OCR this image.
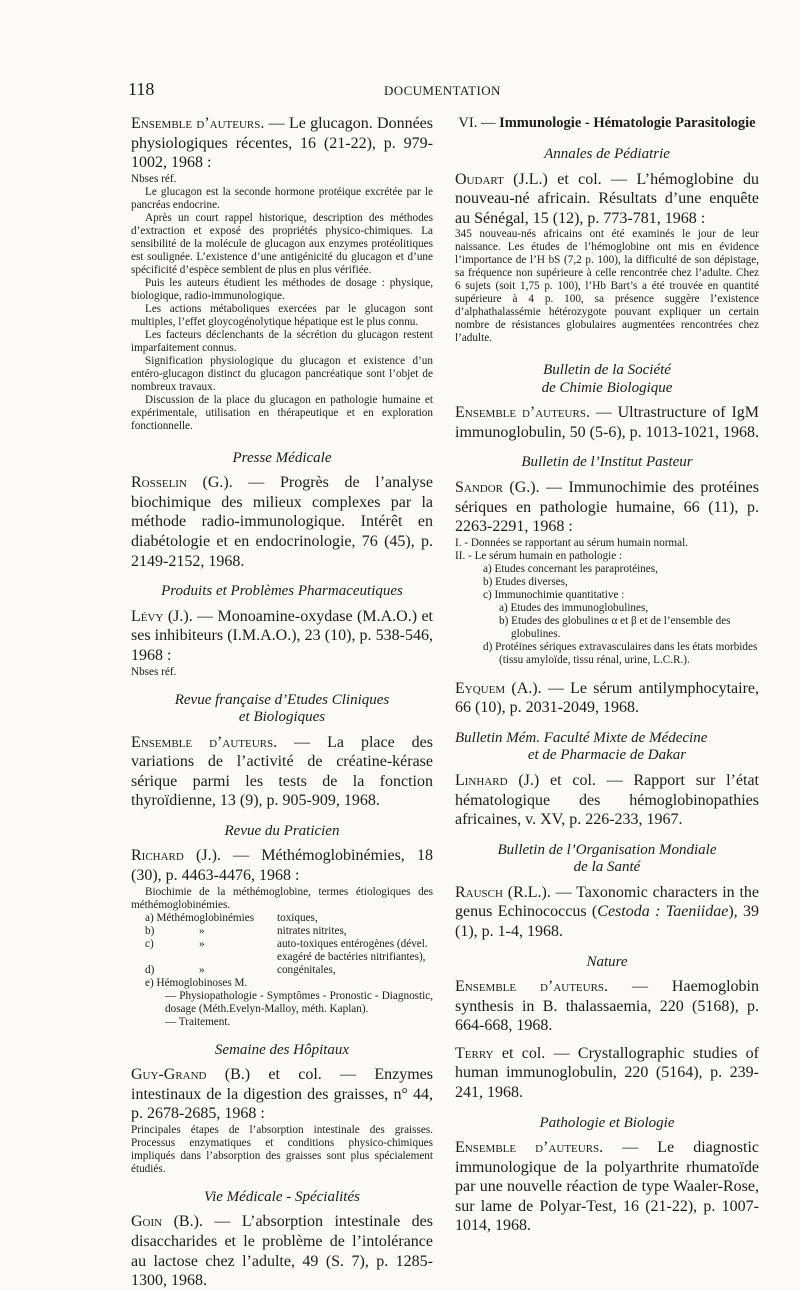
118	DOCUMENTATION

Ensemble d’auteurs. — Le glucagon. Données physiologiques récentes, 16 (21-22), p. 979-1002, 1968 :

Nbses réf.

Le glucagon est la seconde hormone protéique excrétée par le pancréas endocrine.

Après un court rappel historique, description des méthodes d’extraction et exposé des propriétés physico-chimiques. La sensibilité de la molécule de glucagon aux enzymes protéolitiques est soulignée. L’existence d’une antigénicité du glucagon et d’une spécificité d’espèce semblent de plus en plus vérifiée.

Puis les auteurs étudient les méthodes de dosage : physique, biologique, radio-immunologique.

Les actions métaboliques exercées par le glucagon sont multiples, l’effet gloycogénolytique hépatique est le plus connu.

Les facteurs déclenchants de la sécrétion du glucagon restent imparfaitement connus.

Signification physiologique du glucagon et existence d’un entéro-glucagon distinct du glucagon pancréatique sont l’objet de nombreux travaux.

Discussion de la place du glucagon en pathologie humaine et expérimentale, utilisation en thérapeutique et en exploration fonctionnelle.

Presse Médicale

Rosselin (G.). — Progrès de l’analyse biochimique des milieux complexes par la méthode radio-immunologique. Intérêt en diabétologie et en endocrinologie, 76 (45), p. 2149-2152, 1968.

Produits et Problèmes Pharmaceutiques

Lévy (J.). — Monoamine-oxydase (M.A.O.) et ses inhibiteurs (I.M.A.O.), 23 (10), p. 538-546, 1968 :

Nbses réf.

Revue française d’Etudes Cliniques
et Biologiques

Ensemble d’auteurs. — La place des variations de l’activité de créatine-kérase sérique parmi les tests de la fonction thyroïdienne, 13 (9), p. 905-909, 1968.

Revue du Praticien

Richard (J.). — Méthémoglobinémies, 18 (30), p. 4463-4476, 1968 :

Biochimie de la méthémoglobine, termes étiologiques des méthémoglobinémies.

a) Méthémoglobinémies		toxiques,
b)	»	nitrates nitrites,
c)	»	auto-toxiques entérogènes (dével. exagéré de bactéries nitrifiantes),
d)	»	congénitales,

e) Hémoglobinoses M.

— Physiopathologie - Symptômes - Pronostic - Diagnostic, dosage (Méth.Evelyn-Malloy, méth. Kaplan).

— Traitement.

Semaine des Hôpitaux

Guy-Grand (B.) et col. — Enzymes intestinaux de la digestion des graisses, n° 44, p. 2678-2685, 1968 :

Principales étapes de l’absorption intestinale des graisses. Processus enzymatiques et conditions physico-chimiques impliqués dans l’absorption des graisses sont plus spécialement étudiés.

Vie Médicale - Spécialités

Goin (B.). — L’absorption intestinale des disaccharides et le problème de l’intolérance au lactose chez l’adulte, 49 (S. 7), p. 1285-1300, 1968.

VI. — Immunologie - Hématologie Parasitologie
Annales de Pédiatrie

Oudart (J.L.) et col. — L’hémoglobine du nouveau-né africain. Résultats d’une enquête au Sénégal, 15 (12), p. 773-781, 1968 :

345 nouveau-nés africains ont été examinés le jour de leur naissance. Les études de l’hémoglobine ont mis en évidence l’importance de l’H bS (7,2 p. 100), la difficulté de son dépistage, sa fréquence non supérieure à celle rencontrée chez l’adulte. Chez 6 sujets (soit 1,75 p. 100), l’Hb Bart’s a été trouvée en quantité supérieure à 4 p. 100, sa présence suggère l’existence d’alphathalassémie hétérozygote pouvant expliquer un certain nombre de résistances globulaires augmentées rencontrées chez l’adulte.

Bulletin de la Société
de Chimie Biologique

Ensemble d’auteurs. — Ultrastructure of IgM immunoglobulin, 50 (5-6), p. 1013-1021, 1968.

Bulletin de l’Institut Pasteur

Sandor (G.). — Immunochimie des protéines sériques en pathologie humaine, 66 (11), p. 2263-2291, 1968 :

I. - Données se rapportant au sérum humain normal.
II. - Le sérum humain en pathologie :
a) Etudes concernant les paraprotéines,
b) Etudes diverses,
c) Immunochimie quantitative :
a) Etudes des immunoglobulines,
b) Etudes des globulines α et β et de l’ensemble des globulines.
d) Protéines sériques extravasculaires dans les états morbides (tissu amyloïde, tissu rénal, urine, L.C.R.).

Eyquem (A.). — Le sérum antilymphocytaire, 66 (10), p. 2031-2049, 1968.

Bulletin Mém. Faculté Mixte de Médecine
et de Pharmacie de Dakar

Linhard (J.) et col. — Rapport sur l’état hématologique des hémoglobinopathies africaines, v. XV, p. 226-233, 1967.

Bulletin de l’Organisation Mondiale
de la Santé

Rausch (R.L.). — Taxonomic characters in the genus Echinococcus (Cestoda : Taeniidae), 39 (1), p. 1-4, 1968.

Nature

Ensemble d’auteurs. — Haemoglobin synthesis in B. thalassaemia, 220 (5168), p. 664-668, 1968.

Terry et col. — Crystallographic studies of human immunoglobulin, 220 (5164), p. 239-241, 1968.

Pathologie et Biologie

Ensemble d’auteurs. — Le diagnostic immunologique de la polyarthrite rhumatoïde par une nouvelle réaction de type Waaler-Rose, sur lame de Polyar-Test, 16 (21-22), p. 1007-1014, 1968.
